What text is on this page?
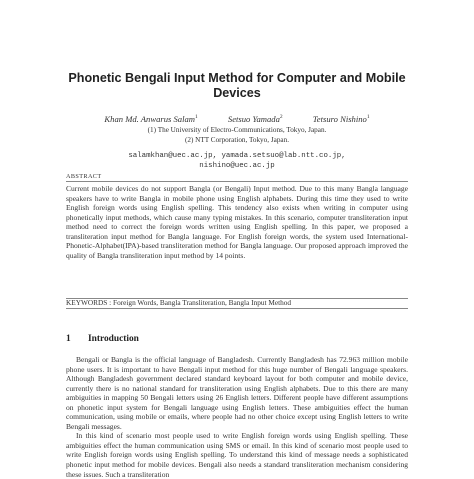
Phonetic Bengali Input Method for Computer and Mobile
Devices
Khan Md. Anwarus Salam$^1$	Setsuo Yamada$^2$	Tetsuro Nishino$^1$
(1) The University of Electro-Communications, Tokyo, Japan.
(2) NTT Corporation, Tokyo, Japan.
salamkhan@uec.ac.jp, yamada.setsuo@lab.ntt.co.jp,
nishino@uec.ac.jp
ABSTRACT
Current mobile devices do not support Bangla (or Bengali) Input method. Due to this many Bangla language speakers have to write Bangla in mobile phone using English alphabets. During this time they used to write English foreign words using English spelling. This tendency also exists when writing in computer using phonetically input methods, which cause many typing mistakes. In this scenario, computer transliteration input method need to correct the foreign words written using English spelling. In this paper, we proposed a transliteration input method for Bangla language. For English foreign words, the system used International-Phonetic-Alphabet(IPA)-based transliteration method for Bangla language. Our proposed approach improved the quality of Bangla transliteration input method by 14 points.
KEYWORDS : Foreign Words, Bangla Transliteration, Bangla Input Method
1 Introduction

Bengali or Bangla is the official language of Bangladesh. Currently Bangladesh has 72.963 million mobile phone users. It is important to have Bengali input method for this huge number of Bengali language speakers. Although Bangladesh government declared standard keyboard layout for both computer and mobile device, currently there is no national standard for transliteration using English alphabets. Due to this there are many ambiguities in mapping 50 Bengali letters using 26 English letters. Different people have different assumptions on phonetic input system for Bengali language using English letters. These ambiguities effect the human communication, using mobile or emails, where people had no other choice except using English letters to write Bengali messages.

In this kind of scenario most people used to write English foreign words using English spelling. These ambiguities effect the human communication using SMS or email. In this kind of scenario most people used to write English foreign words using English spelling. To understand this kind of message needs a sophisticated phonetic input method for mobile devices. Bengali also needs a standard transliteration mechanism considering these issues. Such a transliteration
